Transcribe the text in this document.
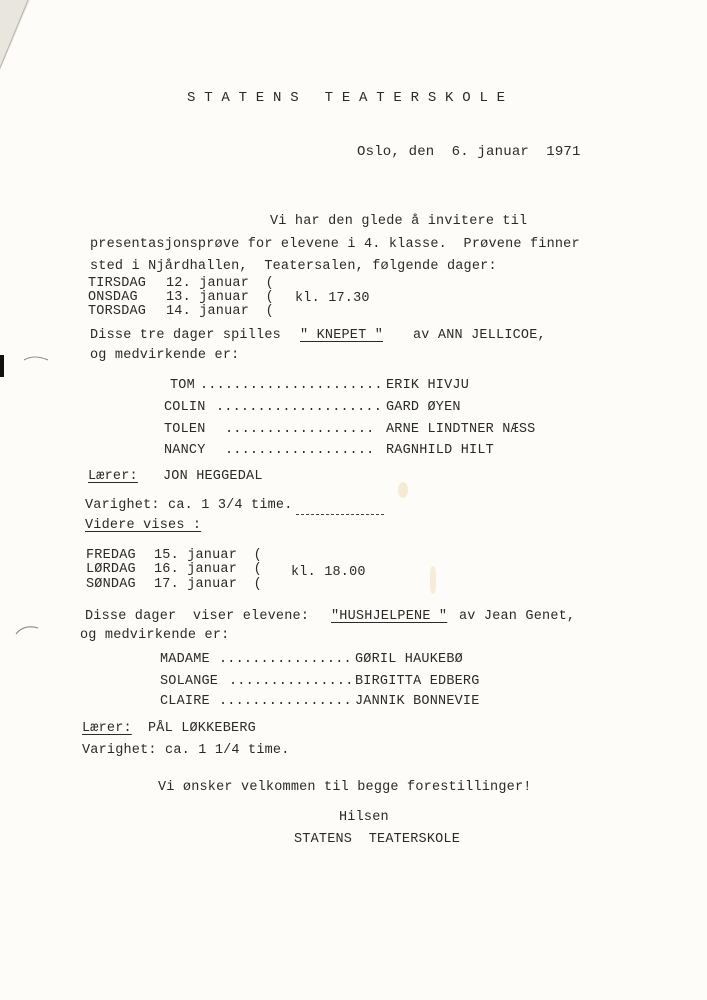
S T A T E N S   T E A T E R S K O L E
Oslo, den  6. januar  1971
Vi har den glede å invitere til
presentasjonsprøve for elevene i 4. klasse.  Prøvene finner
sted i Njårdhallen,  Teatersalen, følgende dager:
TIRSDAG 12. januar  (
ONSDAG 13. januar  (
TORSDAG 14. januar  (
kl. 17.30
Disse tre dager spilles " KNEPET " av ANN JELLICOE,
og medvirkende er:
TOM ...................... ERIK HIVJU
COLIN .................... GARD ØYEN
TOLEN .................. ARNE LINDTNER NÆSS
NANCY .................. RAGNHILD HILT
Lærer: JON HEGGEDAL
Varighet: ca. 1 3/4 time.
Videre vises :
FREDAG 15. januar  (
LØRDAG 16. januar  (
SØNDAG 17. januar  (
kl. 18.00
Disse dager  viser elevene: "HUSHJELPENE " av Jean Genet,
og medvirkende er:
MADAME ................ GØRIL HAUKEBØ
SOLANGE ............... BIRGITTA EDBERG
CLAIRE ................ JANNIK BONNEVIE
Lærer: PÅL LØKKEBERG
Varighet: ca. 1 1/4 time.
Vi ønsker velkommen til begge forestillinger!
Hilsen
STATENS  TEATERSKOLE
